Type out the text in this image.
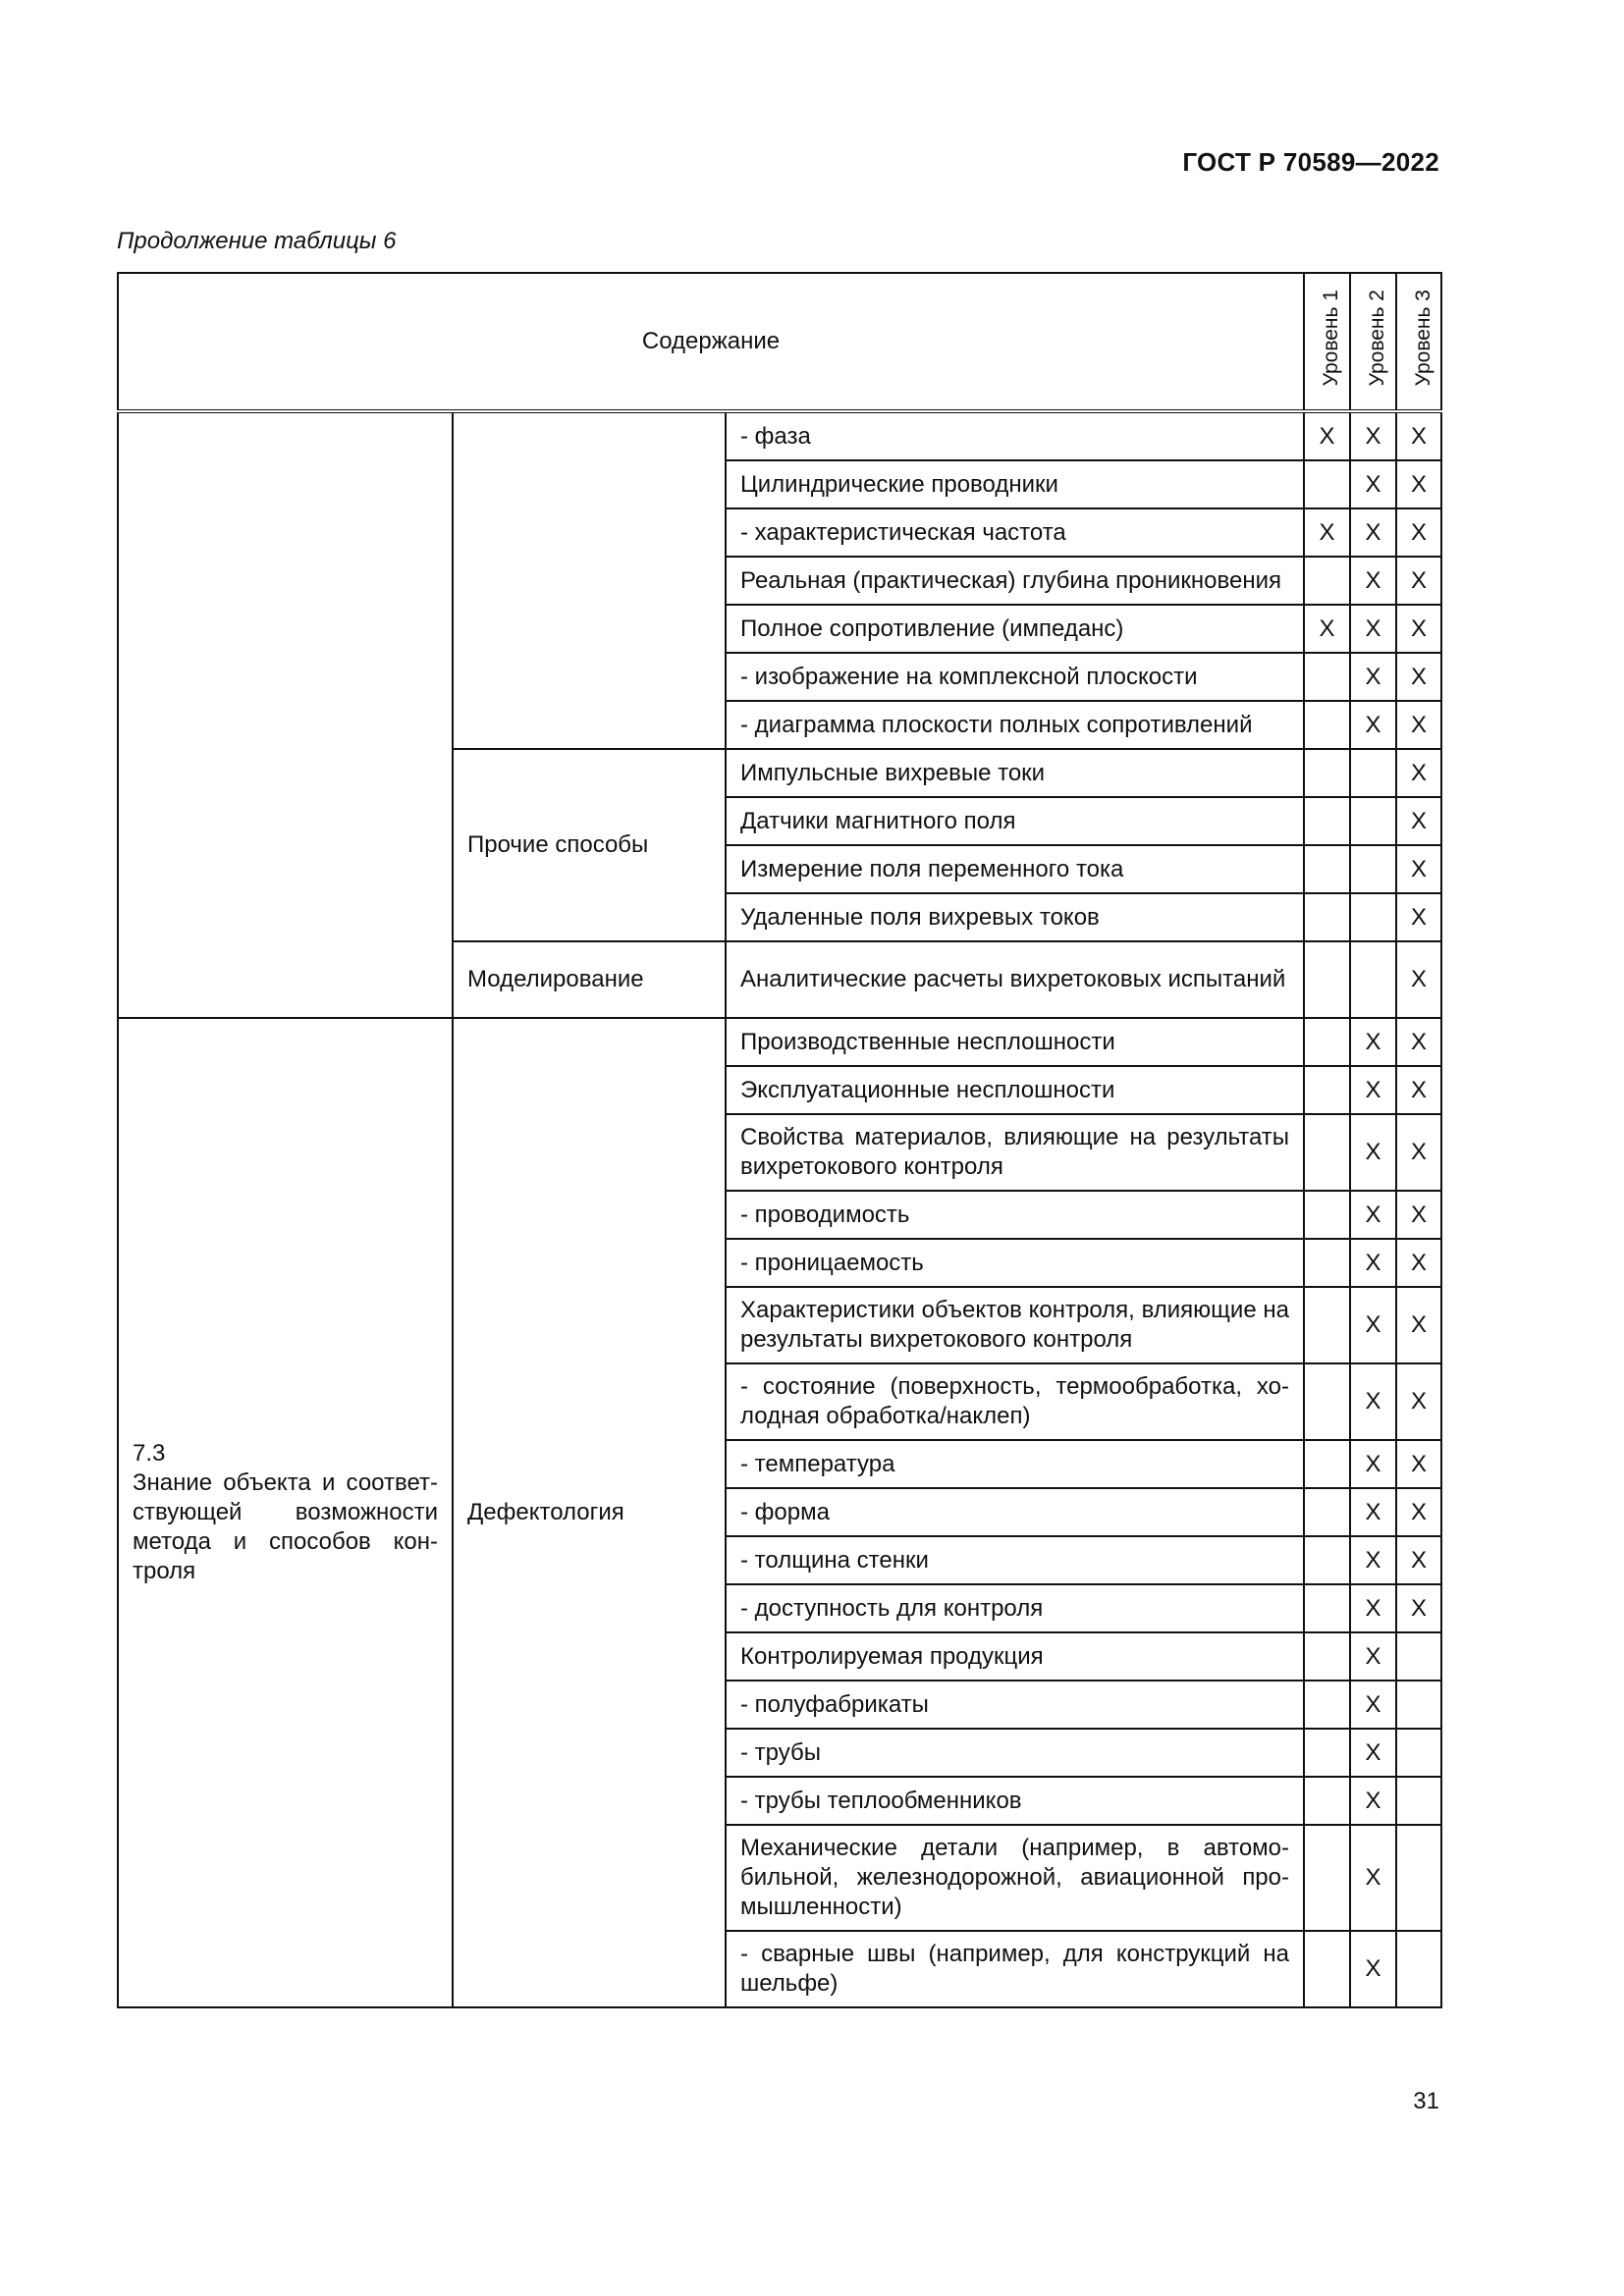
ГОСТ Р 70589—2022
Продолжение таблицы 6
Содержание			Уровень 1	Уровень 2	Уровень 3
		- фаза	X	X	X
		Цилиндрические проводники		X	X
		- характеристическая частота	X	X	X
		Реальная (практическая) глубина проникновения		X	X
		Полное сопротивление (импеданс)	X	X	X
		- изображение на комплексной плоскости		X	X
		- диаграмма плоскости полных сопротивлений		X	X
	Прочие способы	Импульсные вихревые токи			X
		Датчики магнитного поля			X
		Измерение поля переменного тока			X
		Удаленные поля вихревых токов			X
	Моделирование	Аналитические расчеты вихретоковых испытаний			X

7.3
Знание объекта и соответствующей возможности метода и способов контроля	Дефектология	Производственные несплошности		X	X
		Эксплуатационные несплошности		X	X
		Свойства материалов, влияющие на результаты вихретокового контроля		X	X
		- проводимость		X	X
		- проницаемость		X	X
		Характеристики объектов контроля, влияющие на результаты вихретокового контроля		X	X
		- состояние (поверхность, термообработка, холодная обработка/наклеп)		X	X
		- температура		X	X
		- форма		X	X
		- толщина стенки		X	X
		- доступность для контроля		X	X
		Контролируемая продукция		X	
		- полуфабрикаты		X	
		- трубы		X	
		- трубы теплообменников		X	
		Механические детали (например, в автомобильной, железнодорожной, авиационной промышленности)		X	
		- сварные швы (например, для конструкций на шельфе)		X	
31
